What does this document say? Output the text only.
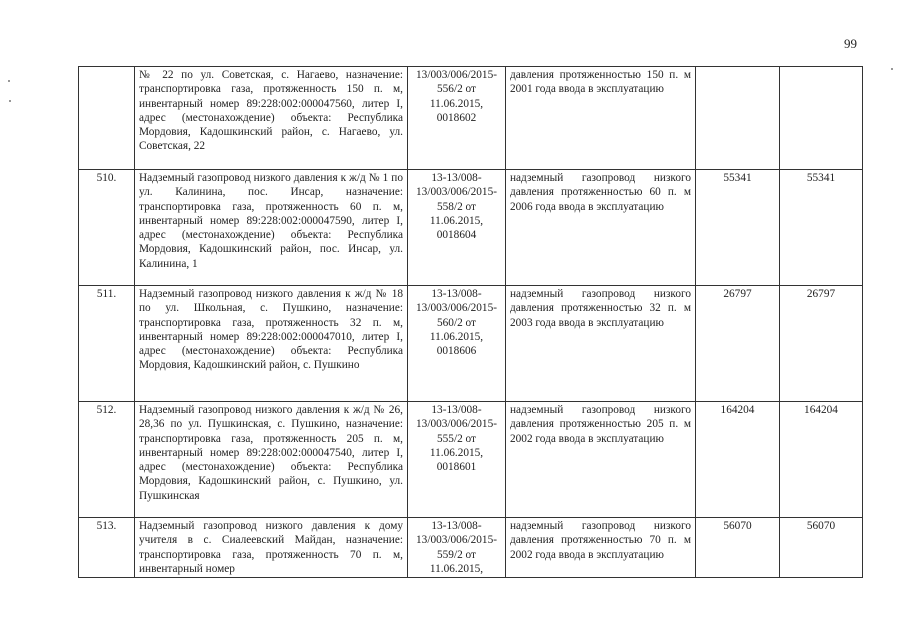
99
	№ 22 по ул. Советская, с. Нагаево, назначение: транспортировка газа, протяженность 150 п. м, инвентарный номер 89:228:002:000047560, литер I, адрес (местонахождение) объекта: Республика Мордовия, Кадошкинский район, с. Нагаево, ул. Советская, 22	13/003/006/2015-556/2 от 11.06.2015, 0018602	давления протяженностью 150 п. м 2001 года ввода в эксплуатацию		
510.	Надземный газопровод низкого давления к ж/д № 1 по ул. Калинина, пос. Инсар, назначение: транспортировка газа, протяженность 60 п. м, инвентарный номер 89:228:002:000047590, литер I, адрес (местонахождение) объекта: Республика Мордовия, Кадошкинский район, пос. Инсар, ул. Калинина, 1	13-13/008-13/003/006/2015-558/2 от 11.06.2015, 0018604	надземный газопровод низкого давления протяженностью 60 п. м 2006 года ввода в эксплуатацию	55341	55341
511.	Надземный газопровод низкого давления к ж/д № 18 по ул. Школьная, с. Пушкино, назначение: транспортировка газа, протяженность 32 п. м, инвентарный номер 89:228:002:000047010, литер I, адрес (местонахождение) объекта: Республика Мордовия, Кадошкинский район, с. Пушкино	13-13/008-13/003/006/2015-560/2 от 11.06.2015, 0018606	надземный газопровод низкого давления протяженностью 32 п. м 2003 года ввода в эксплуатацию	26797	26797
512.	Надземный газопровод низкого давления к ж/д № 26, 28,36 по ул. Пушкинская, с. Пушкино, назначение: транспортировка газа, протяженность 205 п. м, инвентарный номер 89:228:002:000047540, литер I, адрес (местонахождение) объекта: Республика Мордовия, Кадошкинский район, с. Пушкино, ул. Пушкинская	13-13/008-13/003/006/2015-555/2 от 11.06.2015, 0018601	надземный газопровод низкого давления протяженностью 205 п. м 2002 года ввода в эксплуатацию	164204	164204
513.	Надземный газопровод низкого давления к дому учителя в с. Сиалеевский Майдан, назначение: транспортировка газа, протяженность 70 п. м, инвентарный номер	13-13/008-13/003/006/2015-559/2 от 11.06.2015,	надземный газопровод низкого давления протяженностью 70 п. м 2002 года ввода в эксплуатацию	56070	56070
